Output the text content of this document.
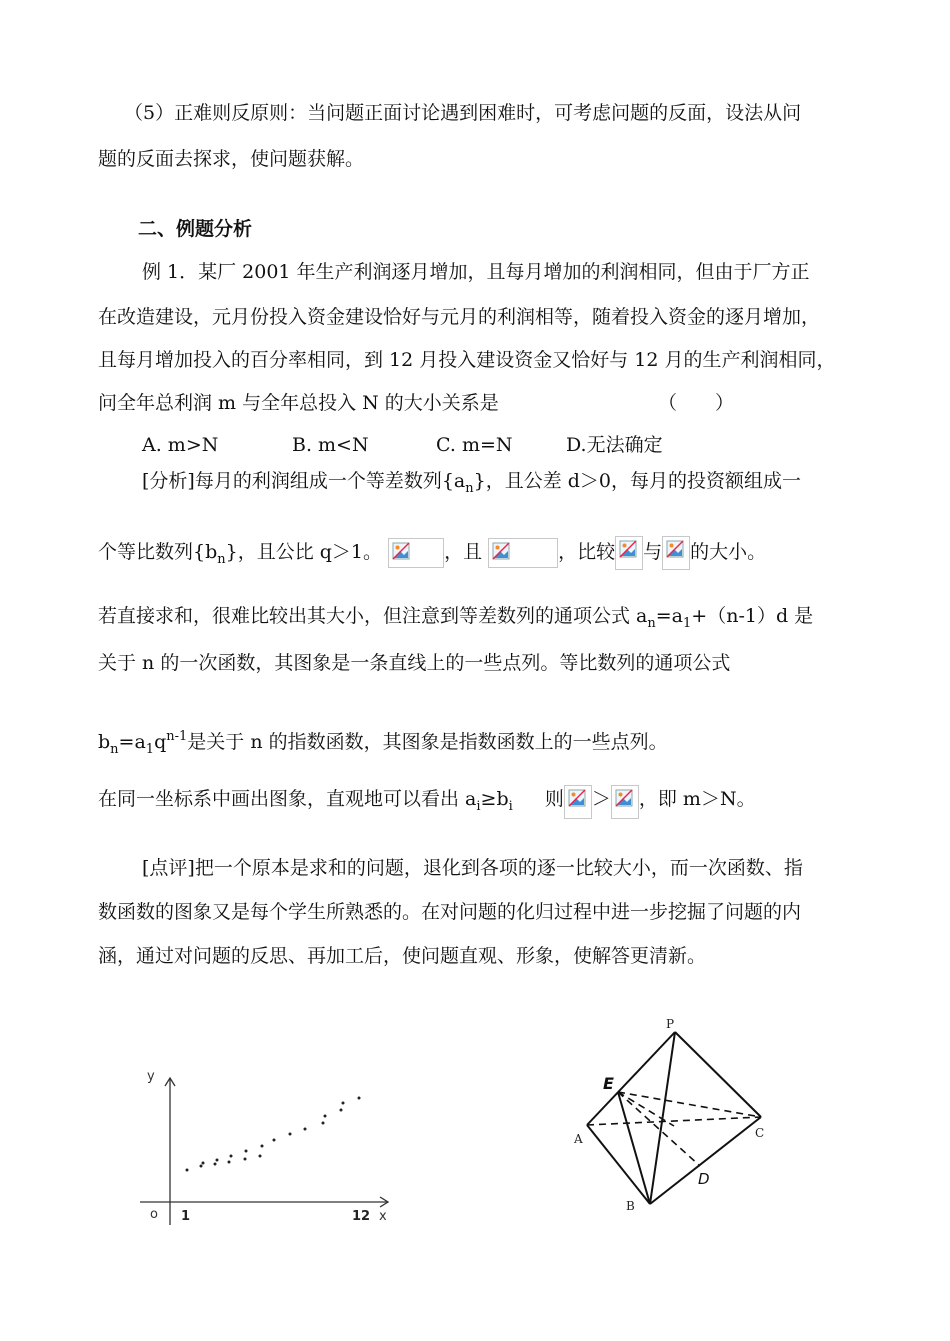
（5）正难则反原则：当问题正面讨论遇到困难时，可考虑问题的反面，设法从问
题的反面去探求，使问题获解。
二、例题分析
例 1．某厂 2001 年生产利润逐月增加，且每月增加的利润相同，但由于厂方正
在改造建设，元月份投入资金建设恰好与元月的利润相等，随着投入资金的逐月增加，
且每月增加投入的百分率相同，到 12 月投入建设资金又恰好与 12 月的生产利润相同，
问全年总利润 m 与全年总投入 N 的大小关系是	（　　）
A. m>N	B. m<N	C. m=N	D.无法确定
[分析]每月的利润组成一个等差数列$\{a_n\}$，且公差 d＞0，每月的投资额组成一
个等比数列$\{b_n\}$，且公比 q＞1。	，且	，比较 与 的大小。
若直接求和，很难比较出其大小，但注意到等差数列的通项公式 $a_n=a_1+(n-1)d$ 是
关于 n 的一次函数，其图象是一条直线上的一些点列。等比数列的通项公式
$b_n=a_1q^{n-1}$是关于 n 的指数函数，其图象是指数函数上的一些点列。
在同一坐标系中画出图象，直观地可以看出 $a_i\ge b_i$ 则 ＞ ，即 m＞N。
[点评]把一个原本是求和的问题，退化到各项的逐一比较大小，而一次函数、指
数函数的图象又是每个学生所熟悉的。在对问题的化归过程中进一步挖掘了问题的内
涵，通过对问题的反思、再加工后，使问题直观、形象，使解答更清新。
y
x
o 1	12
P
E
A
B
C
D
